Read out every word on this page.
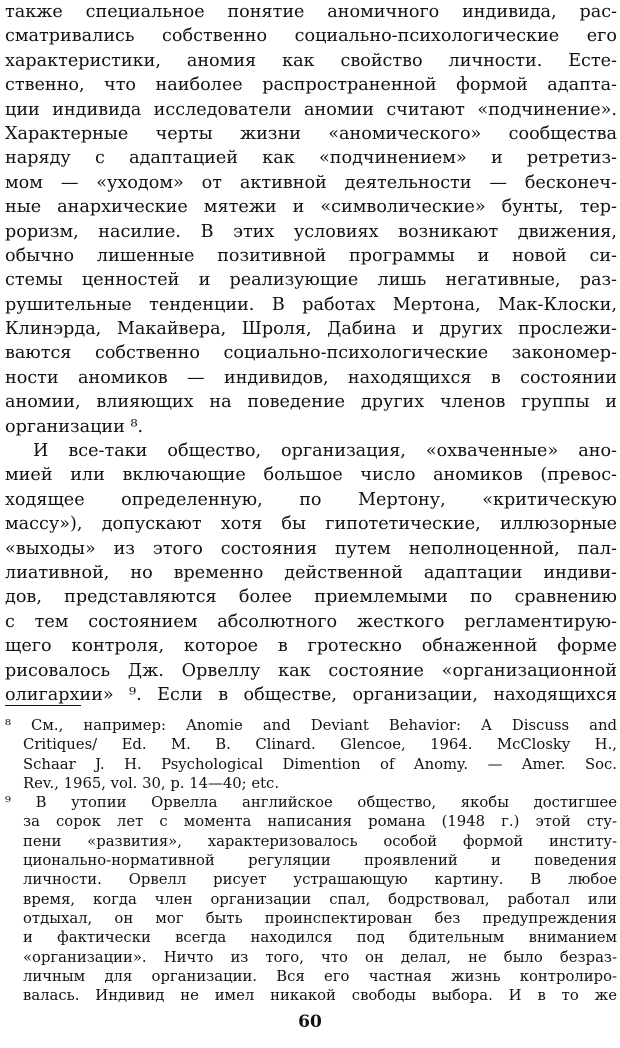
также специальное понятие аномичного индивида, рас-
сматривались собственно социально-психологические его
характеристики, аномия как свойство личности. Есте-
ственно, что наиболее распространенной формой адапта-
ции индивида исследователи аномии считают «подчинение».
Характерные черты жизни «аномического» сообщества
наряду с адаптацией как «подчинением» и ретретиз-
мом — «уходом» от активной деятельности — бесконеч-
ные анархические мятежи и «символические» бунты, тер-
роризм, насилие. В этих условиях возникают движения,
обычно лишенные позитивной программы и новой си-
стемы ценностей и реализующие лишь негативные, раз-
рушительные тенденции. В работах Мертона, Мак-Клоски,
Клинэрда, Макайвера, Шроля, Дабина и других прослежи-
ваются собственно социально-психологические закономер-
ности аномиков — индивидов, находящихся в состоянии
аномии, влияющих на поведение других членов группы и
организации ⁸.
И все-таки общество, организация, «охваченные» ано-
мией или включающие большое число аномиков (превос-
ходящее определенную, по Мертону, «критическую
массу»), допускают хотя бы гипотетические, иллюзорные
«выходы» из этого состояния путем неполноценной, пал-
лиативной, но временно действенной адаптации индиви-
дов, представляются более приемлемыми по сравнению
с тем состоянием абсолютного жесткого регламентирую-
щего контроля, которое в гротескно обнаженной форме
рисовалось Дж. Орвеллу как состояние «организационной
олигархии» ⁹. Если в обществе, организации, находящихся
⁸ См., например: Anomie and Deviant Behavior: A Discuss and
Critiques/ Ed. M. B. Clinard. Glencoe, 1964. McClosky H.,
Schaar J. H. Psychological Dimention of Anomy. — Amer. Soc.
Rev., 1965, vol. 30, p. 14—40; etc.
⁹ В утопии Орвелла английское общество, якобы достигшее
за сорок лет с момента написания романа (1948 г.) этой сту-
пени «развития», характеризовалось особой формой институ-
ционально-нормативной регуляции проявлений и поведения
личности. Орвелл рисует устрашающую картину. В любое
время, когда член организации спал, бодрствовал, работал или
отдыхал, он мог быть проинспектирован без предупреждения
и фактически всегда находился под бдительным вниманием
«организации». Ничто из того, что он делал, не было безраз-
личным для организации. Вся его частная жизнь контролиро-
валась. Индивид не имел никакой свободы выбора. И в то же
60
